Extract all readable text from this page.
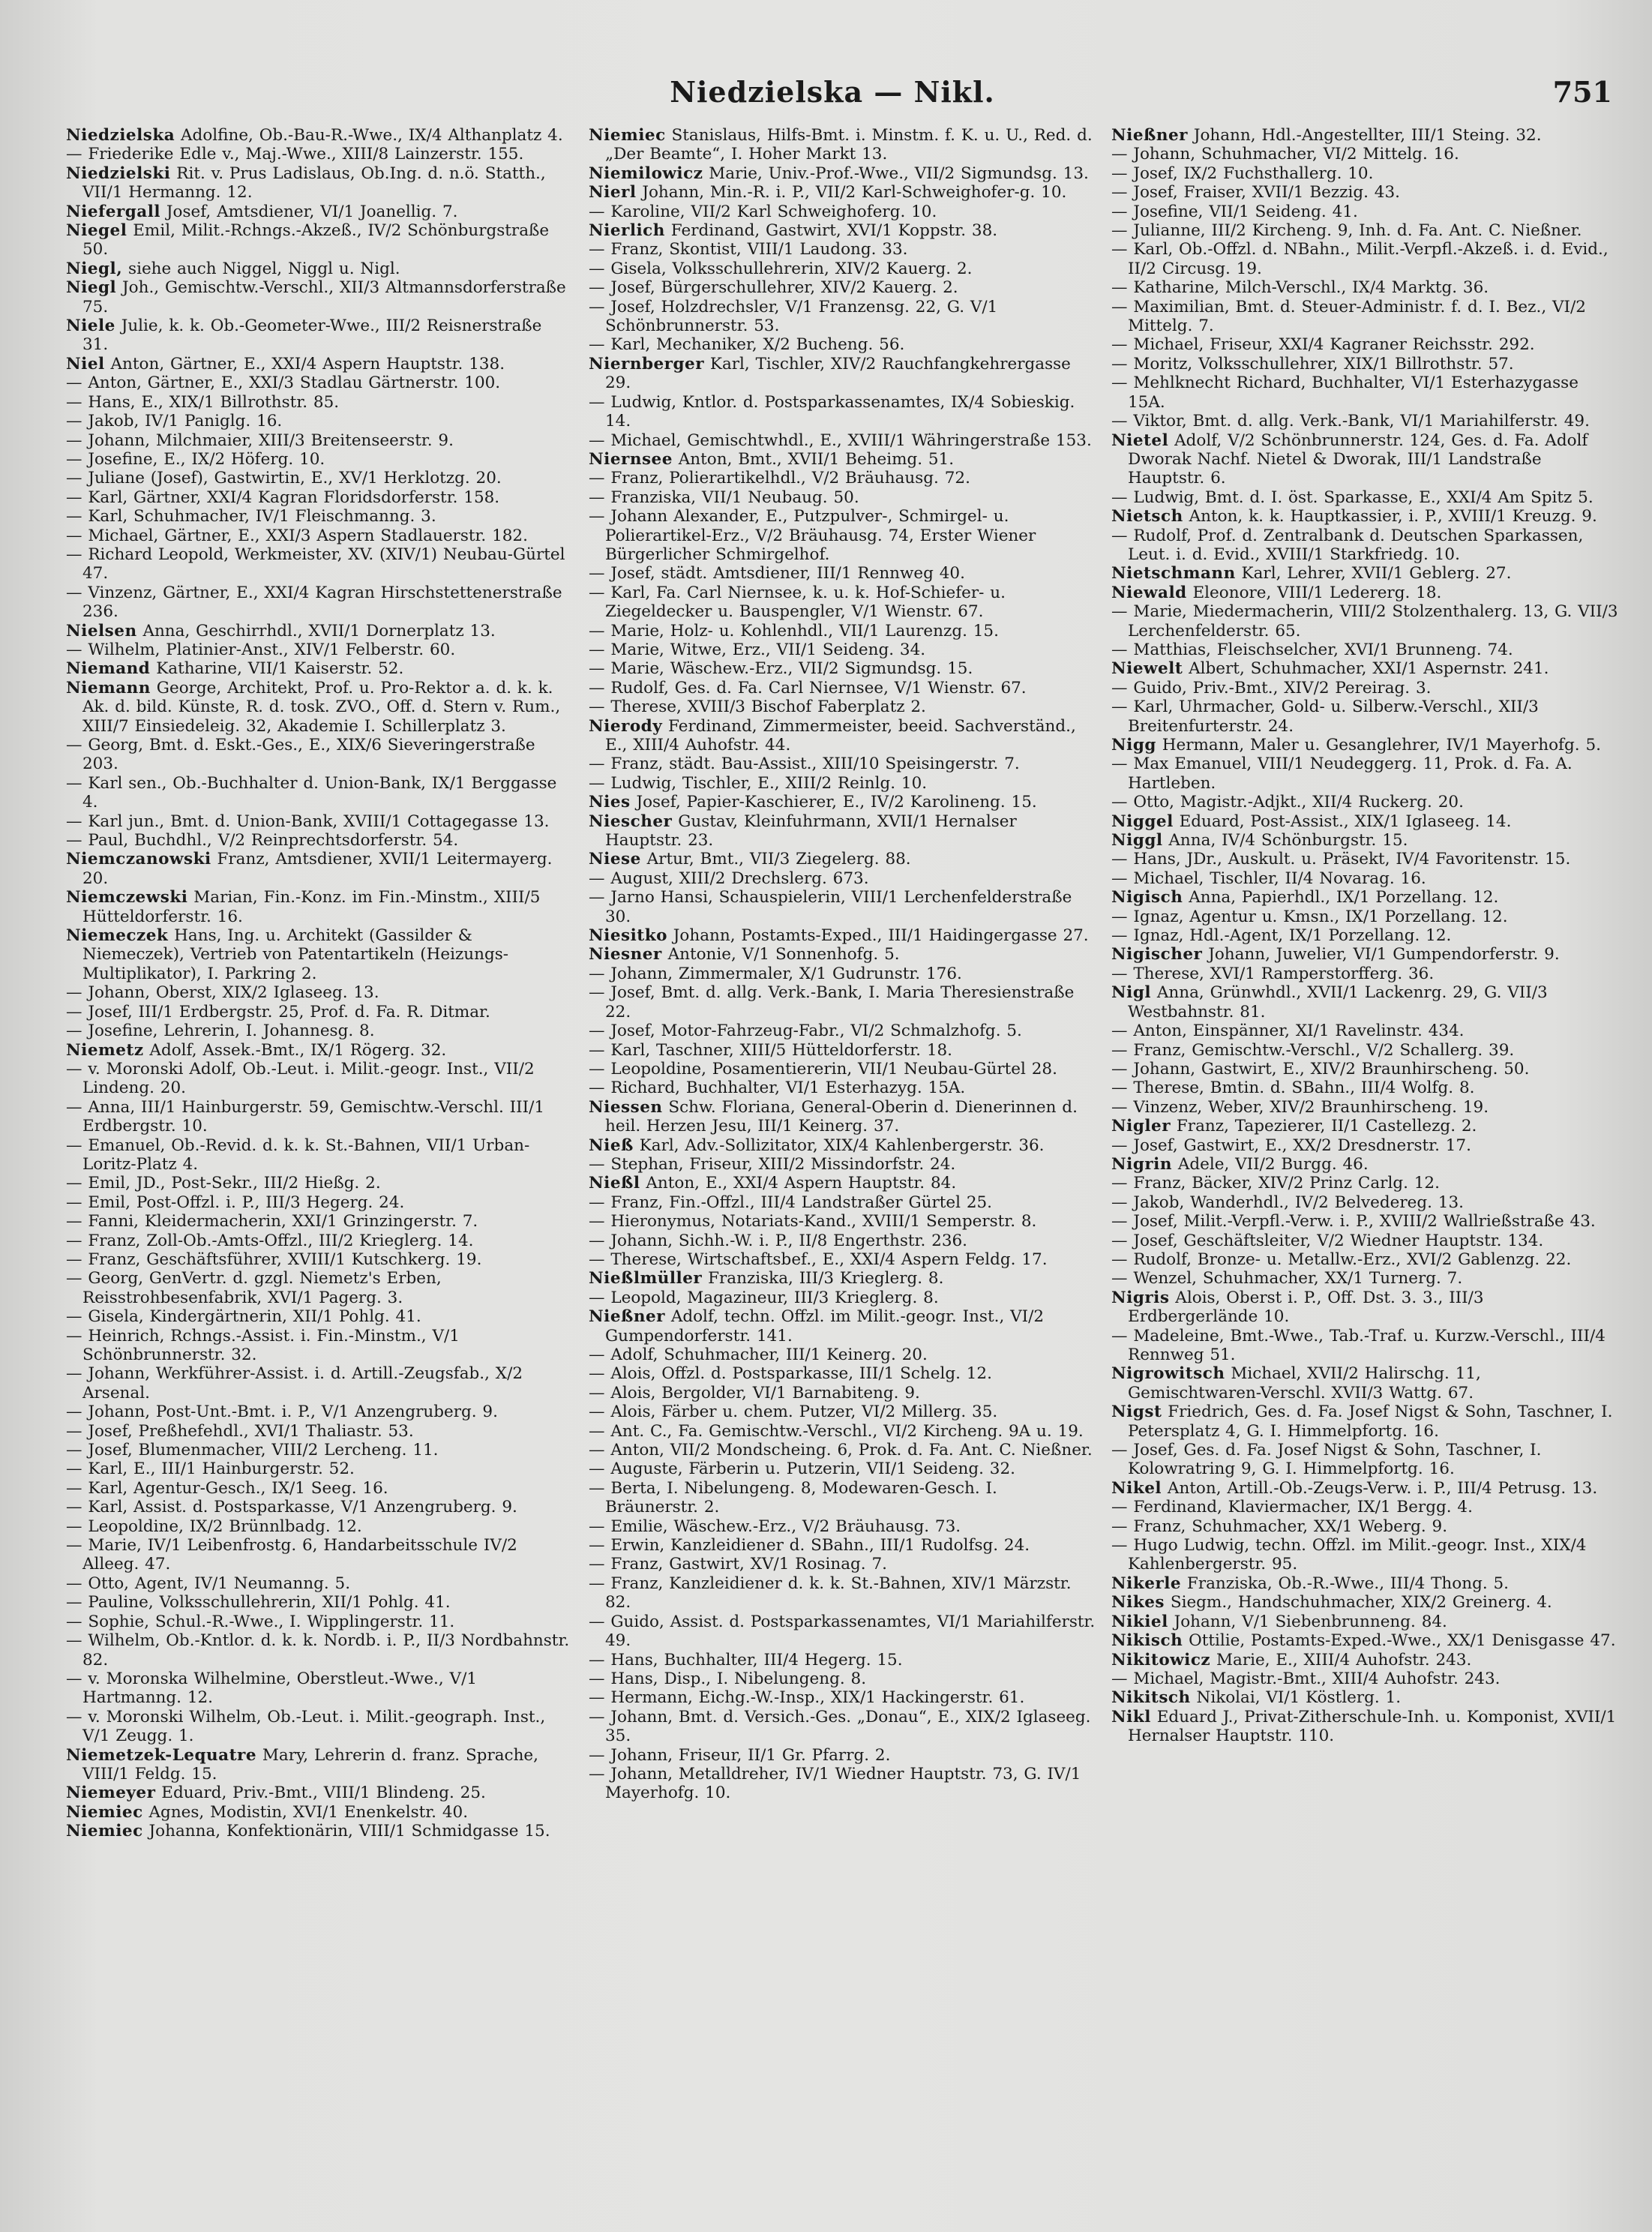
Niedzielska — Nikl.	751
Niedzielska Adolfine, Ob.-Bau-R.-Wwe., IX/4 Althanplatz 4.
— Friederike Edle v., Maj.-Wwe., XIII/8 Lainzerstr. 155.
Niedzielski Rit. v. Prus Ladislaus, Ob.Ing. d. n.ö. Statth., VII/1 Hermanng. 12.
Niefergall Josef, Amtsdiener, VI/1 Joanellig. 7.
Niegel Emil, Milit.-Rchngs.-Akzeß., IV/2 Schönburgstraße 50.
Niegl, siehe auch Niggel, Niggl u. Nigl.
Niegl Joh., Gemischtw.-Verschl., XII/3 Altmannsdorferstraße 75.
Niele Julie, k. k. Ob.-Geometer-Wwe., III/2 Reisnerstraße 31.
Niel Anton, Gärtner, E., XXI/4 Aspern Hauptstr. 138.
— Anton, Gärtner, E., XXI/3 Stadlau Gärtnerstr. 100.
— Hans, E., XIX/1 Billrothstr. 85.
— Jakob, IV/1 Paniglg. 16.
— Johann, Milchmaier, XIII/3 Breitenseerstr. 9.
— Josefine, E., IX/2 Höferg. 10.
— Juliane (Josef), Gastwirtin, E., XV/1 Herklotzg. 20.
— Karl, Gärtner, XXI/4 Kagran Floridsdorferstr. 158.
— Karl, Schuhmacher, IV/1 Fleischmanng. 3.
— Michael, Gärtner, E., XXI/3 Aspern Stadlauerstr. 182.
— Richard Leopold, Werkmeister, XV. (XIV/1) Neubau-Gürtel 47.
— Vinzenz, Gärtner, E., XXI/4 Kagran Hirschstettenerstraße 236.
Nielsen Anna, Geschirrhdl., XVII/1 Dornerplatz 13.
— Wilhelm, Platinier-Anst., XIV/1 Felberstr. 60.
Niemand Katharine, VII/1 Kaiserstr. 52.
Niemann George, Architekt, Prof. u. Pro-Rektor a. d. k. k. Ak. d. bild. Künste, R. d. tosk. ZVO., Off. d. Stern v. Rum., XIII/7 Einsiedeleig. 32, Akademie I. Schillerplatz 3.
— Georg, Bmt. d. Eskt.-Ges., E., XIX/6 Sieveringerstraße 203.
— Karl sen., Ob.-Buchhalter d. Union-Bank, IX/1 Berggasse 4.
— Karl jun., Bmt. d. Union-Bank, XVIII/1 Cottagegasse 13.
— Paul, Buchdhl., V/2 Reinprechtsdorferstr. 54.
Niemczanowski Franz, Amtsdiener, XVII/1 Leitermayerg. 20.
Niemczewski Marian, Fin.-Konz. im Fin.-Minstm., XIII/5 Hütteldorferstr. 16.
Niemeczek Hans, Ing. u. Architekt (Gassilder & Niemeczek), Vertrieb von Patentartikeln (Heizungs-Multiplikator), I. Parkring 2.
— Johann, Oberst, XIX/2 Iglaseeg. 13.
— Josef, III/1 Erdbergstr. 25, Prof. d. Fa. R. Ditmar.
— Josefine, Lehrerin, I. Johannesg. 8.
Niemetz Adolf, Assek.-Bmt., IX/1 Rögerg. 32.
— v. Moronski Adolf, Ob.-Leut. i. Milit.-geogr. Inst., VII/2 Lindeng. 20.
— Anna, III/1 Hainburgerstr. 59, Gemischtw.-Verschl. III/1 Erdbergstr. 10.
— Emanuel, Ob.-Revid. d. k. k. St.-Bahnen, VII/1 Urban-Loritz-Platz 4.
— Emil, JD., Post-Sekr., III/2 Hießg. 2.
— Emil, Post-Offzl. i. P., III/3 Hegerg. 24.
— Fanni, Kleidermacherin, XXI/1 Grinzingerstr. 7.
— Franz, Zoll-Ob.-Amts-Offzl., III/2 Krieglerg. 14.
— Franz, Geschäftsführer, XVIII/1 Kutschkerg. 19.
— Georg, GenVertr. d. gzgl. Niemetz's Erben, Reisstrohbesenfabrik, XVI/1 Pagerg. 3.
— Gisela, Kindergärtnerin, XII/1 Pohlg. 41.
— Heinrich, Rchngs.-Assist. i. Fin.-Minstm., V/1 Schönbrunnerstr. 32.
— Johann, Werkführer-Assist. i. d. Artill.-Zeugsfab., X/2 Arsenal.
— Johann, Post-Unt.-Bmt. i. P., V/1 Anzengruberg. 9.
— Josef, Preßhefehdl., XVI/1 Thaliastr. 53.
— Josef, Blumenmacher, VIII/2 Lercheng. 11.
— Karl, E., III/1 Hainburgerstr. 52.
— Karl, Agentur-Gesch., IX/1 Seeg. 16.
— Karl, Assist. d. Postsparkasse, V/1 Anzengruberg. 9.
— Leopoldine, IX/2 Brünnlbadg. 12.
— Marie, IV/1 Leibenfrostg. 6, Handarbeitsschule IV/2 Alleeg. 47.
— Otto, Agent, IV/1 Neumanng. 5.
— Pauline, Volksschullehrerin, XII/1 Pohlg. 41.
— Sophie, Schul.-R.-Wwe., I. Wipplingerstr. 11.
— Wilhelm, Ob.-Kntlor. d. k. k. Nordb. i. P., II/3 Nordbahnstr. 82.
— v. Moronska Wilhelmine, Oberstleut.-Wwe., V/1 Hartmanng. 12.
— v. Moronski Wilhelm, Ob.-Leut. i. Milit.-geograph. Inst., V/1 Zeugg. 1.
Niemetzek-Lequatre Mary, Lehrerin d. franz. Sprache, VIII/1 Feldg. 15.
Niemeyer Eduard, Priv.-Bmt., VIII/1 Blindeng. 25.
Niemiec Agnes, Modistin, XVI/1 Enenkelstr. 40.
Niemiec Johanna, Konfektionärin, VIII/1 Schmidgasse 15.
Niemiec Stanislaus, Hilfs-Bmt. i. Minstm. f. K. u. U., Red. d. „Der Beamte“, I. Hoher Markt 13.
Niemilowicz Marie, Univ.-Prof.-Wwe., VII/2 Sigmundsg. 13.
Nierl Johann, Min.-R. i. P., VII/2 Karl-Schweighofer-g. 10.
— Karoline, VII/2 Karl Schweighoferg. 10.
Nierlich Ferdinand, Gastwirt, XVI/1 Koppstr. 38.
— Franz, Skontist, VIII/1 Laudong. 33.
— Gisela, Volksschullehrerin, XIV/2 Kauerg. 2.
— Josef, Bürgerschullehrer, XIV/2 Kauerg. 2.
— Josef, Holzdrechsler, V/1 Franzensg. 22, G. V/1 Schönbrunnerstr. 53.
— Karl, Mechaniker, X/2 Bucheng. 56.
Niernberger Karl, Tischler, XIV/2 Rauchfangkehrergasse 29.
— Ludwig, Kntlor. d. Postsparkassenamtes, IX/4 Sobieskig. 14.
— Michael, Gemischtwhdl., E., XVIII/1 Währingerstraße 153.
Niernsee Anton, Bmt., XVII/1 Beheimg. 51.
— Franz, Polierartikelhdl., V/2 Bräuhausg. 72.
— Franziska, VII/1 Neubaug. 50.
— Johann Alexander, E., Putzpulver-, Schmirgel- u. Polierartikel-Erz., V/2 Bräuhausg. 74, Erster Wiener Bürgerlicher Schmirgelhof.
— Josef, städt. Amtsdiener, III/1 Rennweg 40.
— Karl, Fa. Carl Niernsee, k. u. k. Hof-Schiefer- u. Ziegeldecker u. Bauspengler, V/1 Wienstr. 67.
— Marie, Holz- u. Kohlenhdl., VII/1 Laurenzg. 15.
— Marie, Witwe, Erz., VII/1 Seideng. 34.
— Marie, Wäschew.-Erz., VII/2 Sigmundsg. 15.
— Rudolf, Ges. d. Fa. Carl Niernsee, V/1 Wienstr. 67.
— Therese, XVIII/3 Bischof Faberplatz 2.
Nierody Ferdinand, Zimmermeister, beeid. Sachverständ., E., XIII/4 Auhofstr. 44.
— Franz, städt. Bau-Assist., XIII/10 Speisingerstr. 7.
— Ludwig, Tischler, E., XIII/2 Reinlg. 10.
Nies Josef, Papier-Kaschierer, E., IV/2 Karolineng. 15.
Niescher Gustav, Kleinfuhrmann, XVII/1 Hernalser Hauptstr. 23.
Niese Artur, Bmt., VII/3 Ziegelerg. 88.
— August, XIII/2 Drechslerg. 673.
— Jarno Hansi, Schauspielerin, VIII/1 Lerchenfelderstraße 30.
Niesitko Johann, Postamts-Exped., III/1 Haidingergasse 27.
Niesner Antonie, V/1 Sonnenhofg. 5.
— Johann, Zimmermaler, X/1 Gudrunstr. 176.
— Josef, Bmt. d. allg. Verk.-Bank, I. Maria Theresienstraße 22.
— Josef, Motor-Fahrzeug-Fabr., VI/2 Schmalzhofg. 5.
— Karl, Taschner, XIII/5 Hütteldorferstr. 18.
— Leopoldine, Posamentiererin, VII/1 Neubau-Gürtel 28.
— Richard, Buchhalter, VI/1 Esterhazyg. 15A.
Niessen Schw. Floriana, General-Oberin d. Dienerinnen d. heil. Herzen Jesu, III/1 Keinerg. 37.
Nieß Karl, Adv.-Sollizitator, XIX/4 Kahlenbergerstr. 36.
— Stephan, Friseur, XIII/2 Missindorfstr. 24.
Nießl Anton, E., XXI/4 Aspern Hauptstr. 84.
— Franz, Fin.-Offzl., III/4 Landstraßer Gürtel 25.
— Hieronymus, Notariats-Kand., XVIII/1 Semperstr. 8.
— Johann, Sichh.-W. i. P., II/8 Engerthstr. 236.
— Therese, Wirtschaftsbef., E., XXI/4 Aspern Feldg. 17.
Nießlmüller Franziska, III/3 Krieglerg. 8.
— Leopold, Magazineur, III/3 Krieglerg. 8.
Nießner Adolf, techn. Offzl. im Milit.-geogr. Inst., VI/2 Gumpendorferstr. 141.
— Adolf, Schuhmacher, III/1 Keinerg. 20.
— Alois, Offzl. d. Postsparkasse, III/1 Schelg. 12.
— Alois, Bergolder, VI/1 Barnabiteng. 9.
— Alois, Färber u. chem. Putzer, VI/2 Millerg. 35.
— Ant. C., Fa. Gemischtw.-Verschl., VI/2 Kircheng. 9A u. 19.
— Anton, VII/2 Mondscheing. 6, Prok. d. Fa. Ant. C. Nießner.
— Auguste, Färberin u. Putzerin, VII/1 Seideng. 32.
— Berta, I. Nibelungeng. 8, Modewaren-Gesch. I. Bräunerstr. 2.
— Emilie, Wäschew.-Erz., V/2 Bräuhausg. 73.
— Erwin, Kanzleidiener d. SBahn., III/1 Rudolfsg. 24.
— Franz, Gastwirt, XV/1 Rosinag. 7.
— Franz, Kanzleidiener d. k. k. St.-Bahnen, XIV/1 Märzstr. 82.
— Guido, Assist. d. Postsparkassenamtes, VI/1 Mariahilferstr. 49.
— Hans, Buchhalter, III/4 Hegerg. 15.
— Hans, Disp., I. Nibelungeng. 8.
— Hermann, Eichg.-W.-Insp., XIX/1 Hackingerstr. 61.
— Johann, Bmt. d. Versich.-Ges. „Donau“, E., XIX/2 Iglaseeg. 35.
— Johann, Friseur, II/1 Gr. Pfarrg. 2.
— Johann, Metalldreher, IV/1 Wiedner Hauptstr. 73, G. IV/1 Mayerhofg. 10.
Nießner Johann, Hdl.-Angestellter, III/1 Steing. 32.
— Johann, Schuhmacher, VI/2 Mittelg. 16.
— Josef, IX/2 Fuchsthallerg. 10.
— Josef, Fraiser, XVII/1 Bezzig. 43.
— Josefine, VII/1 Seideng. 41.
— Julianne, III/2 Kircheng. 9, Inh. d. Fa. Ant. C. Nießner.
— Karl, Ob.-Offzl. d. NBahn., Milit.-Verpfl.-Akzeß. i. d. Evid., II/2 Circusg. 19.
— Katharine, Milch-Verschl., IX/4 Marktg. 36.
— Maximilian, Bmt. d. Steuer-Administr. f. d. I. Bez., VI/2 Mittelg. 7.
— Michael, Friseur, XXI/4 Kagraner Reichsstr. 292.
— Moritz, Volksschullehrer, XIX/1 Billrothstr. 57.
— Mehlknecht Richard, Buchhalter, VI/1 Esterhazygasse 15A.
— Viktor, Bmt. d. allg. Verk.-Bank, VI/1 Mariahilferstr. 49.
Nietel Adolf, V/2 Schönbrunnerstr. 124, Ges. d. Fa. Adolf Dworak Nachf. Nietel & Dworak, III/1 Landstraße Hauptstr. 6.
— Ludwig, Bmt. d. I. öst. Sparkasse, E., XXI/4 Am Spitz 5.
Nietsch Anton, k. k. Hauptkassier, i. P., XVIII/1 Kreuzg. 9.
— Rudolf, Prof. d. Zentralbank d. Deutschen Sparkassen, Leut. i. d. Evid., XVIII/1 Starkfriedg. 10.
Nietschmann Karl, Lehrer, XVII/1 Geblerg. 27.
Niewald Eleonore, VIII/1 Ledererg. 18.
— Marie, Miedermacherin, VIII/2 Stolzenthalerg. 13, G. VII/3 Lerchenfelderstr. 65.
— Matthias, Fleischselcher, XVI/1 Brunneng. 74.
Niewelt Albert, Schuhmacher, XXI/1 Aspernstr. 241.
— Guido, Priv.-Bmt., XIV/2 Pereirag. 3.
— Karl, Uhrmacher, Gold- u. Silberw.-Verschl., XII/3 Breitenfurterstr. 24.
Nigg Hermann, Maler u. Gesanglehrer, IV/1 Mayerhofg. 5.
— Max Emanuel, VIII/1 Neudeggerg. 11, Prok. d. Fa. A. Hartleben.
— Otto, Magistr.-Adjkt., XII/4 Ruckerg. 20.
Niggel Eduard, Post-Assist., XIX/1 Iglaseeg. 14.
Niggl Anna, IV/4 Schönburgstr. 15.
— Hans, JDr., Auskult. u. Präsekt, IV/4 Favoritenstr. 15.
— Michael, Tischler, II/4 Novarag. 16.
Nigisch Anna, Papierhdl., IX/1 Porzellang. 12.
— Ignaz, Agentur u. Kmsn., IX/1 Porzellang. 12.
— Ignaz, Hdl.-Agent, IX/1 Porzellang. 12.
Nigischer Johann, Juwelier, VI/1 Gumpendorferstr. 9.
— Therese, XVI/1 Ramperstorfferg. 36.
Nigl Anna, Grünwhdl., XVII/1 Lackenrg. 29, G. VII/3 Westbahnstr. 81.
— Anton, Einspänner, XI/1 Ravelinstr. 434.
— Franz, Gemischtw.-Verschl., V/2 Schallerg. 39.
— Johann, Gastwirt, E., XIV/2 Braunhirscheng. 50.
— Therese, Bmtin. d. SBahn., III/4 Wolfg. 8.
— Vinzenz, Weber, XIV/2 Braunhirscheng. 19.
Nigler Franz, Tapezierer, II/1 Castellezg. 2.
— Josef, Gastwirt, E., XX/2 Dresdnerstr. 17.
Nigrin Adele, VII/2 Burgg. 46.
— Franz, Bäcker, XIV/2 Prinz Carlg. 12.
— Jakob, Wanderhdl., IV/2 Belvedereg. 13.
— Josef, Milit.-Verpfl.-Verw. i. P., XVIII/2 Wallrießstraße 43.
— Josef, Geschäftsleiter, V/2 Wiedner Hauptstr. 134.
— Rudolf, Bronze- u. Metallw.-Erz., XVI/2 Gablenzg. 22.
— Wenzel, Schuhmacher, XX/1 Turnerg. 7.
Nigris Alois, Oberst i. P., Off. Dst. 3. 3., III/3 Erdbergerlände 10.
— Madeleine, Bmt.-Wwe., Tab.-Traf. u. Kurzw.-Verschl., III/4 Rennweg 51.
Nigrowitsch Michael, XVII/2 Halirschg. 11, Gemischtwaren-Verschl. XVII/3 Wattg. 67.
Nigst Friedrich, Ges. d. Fa. Josef Nigst & Sohn, Taschner, I. Petersplatz 4, G. I. Himmelpfortg. 16.
— Josef, Ges. d. Fa. Josef Nigst & Sohn, Taschner, I. Kolowratring 9, G. I. Himmelpfortg. 16.
Nikel Anton, Artill.-Ob.-Zeugs-Verw. i. P., III/4 Petrusg. 13.
— Ferdinand, Klaviermacher, IX/1 Bergg. 4.
— Franz, Schuhmacher, XX/1 Weberg. 9.
— Hugo Ludwig, techn. Offzl. im Milit.-geogr. Inst., XIX/4 Kahlenbergerstr. 95.
Nikerle Franziska, Ob.-R.-Wwe., III/4 Thong. 5.
Nikes Siegm., Handschuhmacher, XIX/2 Greinerg. 4.
Nikiel Johann, V/1 Siebenbrunneng. 84.
Nikisch Ottilie, Postamts-Exped.-Wwe., XX/1 Denisgasse 47.
Nikitowicz Marie, E., XIII/4 Auhofstr. 243.
— Michael, Magistr.-Bmt., XIII/4 Auhofstr. 243.
Nikitsch Nikolai, VI/1 Köstlerg. 1.
Nikl Eduard J., Privat-Zitherschule-Inh. u. Komponist, XVII/1 Hernalser Hauptstr. 110.
